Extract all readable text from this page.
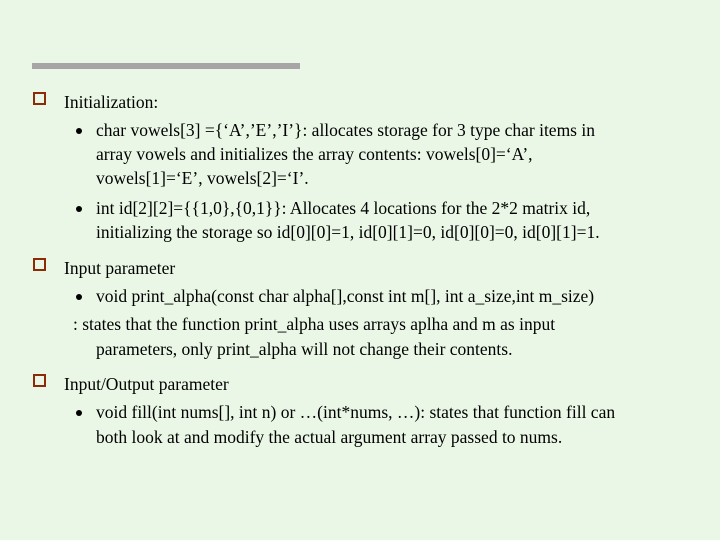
Initialization:
char vowels[3] ={‘A’,’E’,’I’}: allocates storage for 3 type char items in
array vowels and initializes the array contents: vowels[0]=‘A’,
vowels[1]=‘E’, vowels[2]=‘I’.
int id[2][2]={{1,0},{0,1}}: Allocates 4 locations for the 2*2 matrix id,
initializing the storage so id[0][0]=1, id[0][1]=0, id[0][0]=0, id[0][1]=1.
Input parameter
void print_alpha(const char alpha[],const int m[], int a_size,int m_size)
: states that the function print_alpha uses arrays aplha and m as input
parameters, only print_alpha will not change their contents.
Input/Output parameter
void fill(int nums[], int n) or …(int*nums, …): states that function fill can
both look at and modify the actual argument array passed to nums.
